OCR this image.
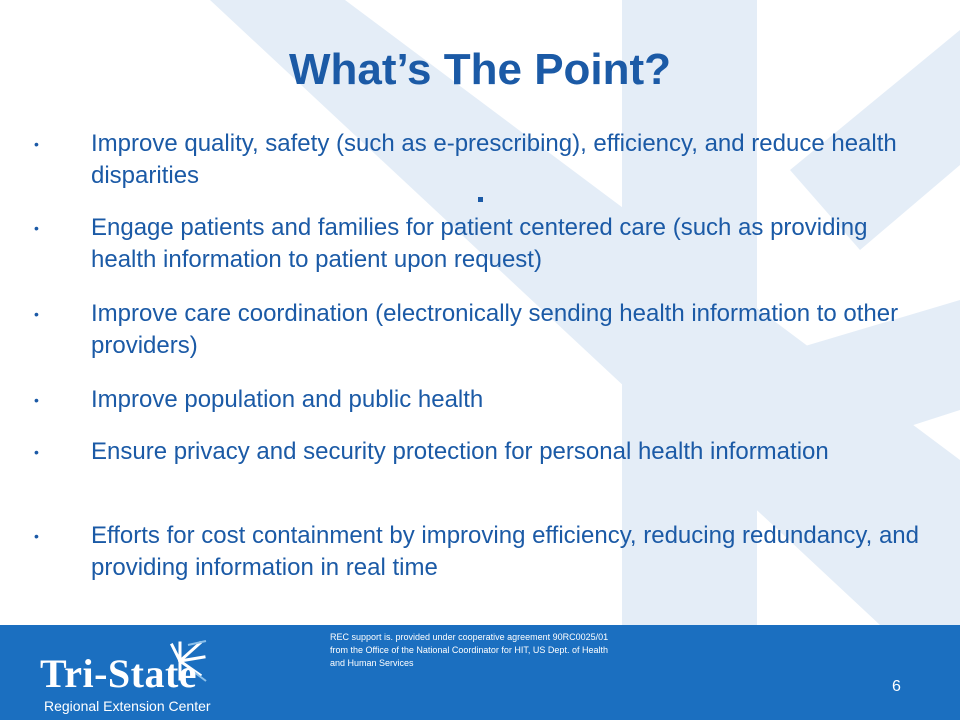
What’s The Point?
• Improve quality, safety (such as e-prescribing), efficiency, and reduce health disparities
• Engage patients and families for patient centered care (such as providing health information to patient upon request)
• Improve care coordination (electronically sending health information to other providers)
• Improve population and public health
• Ensure privacy and security protection for personal health information
• Efforts for cost containment by improving efficiency, reducing redundancy, and providing information in real time

Tri-State

Regional Extension Center
REC support is. provided under cooperative agreement 90RC0025/01 from the Office of the National Coordinator for HIT, US Dept. of Health and Human Services
6
